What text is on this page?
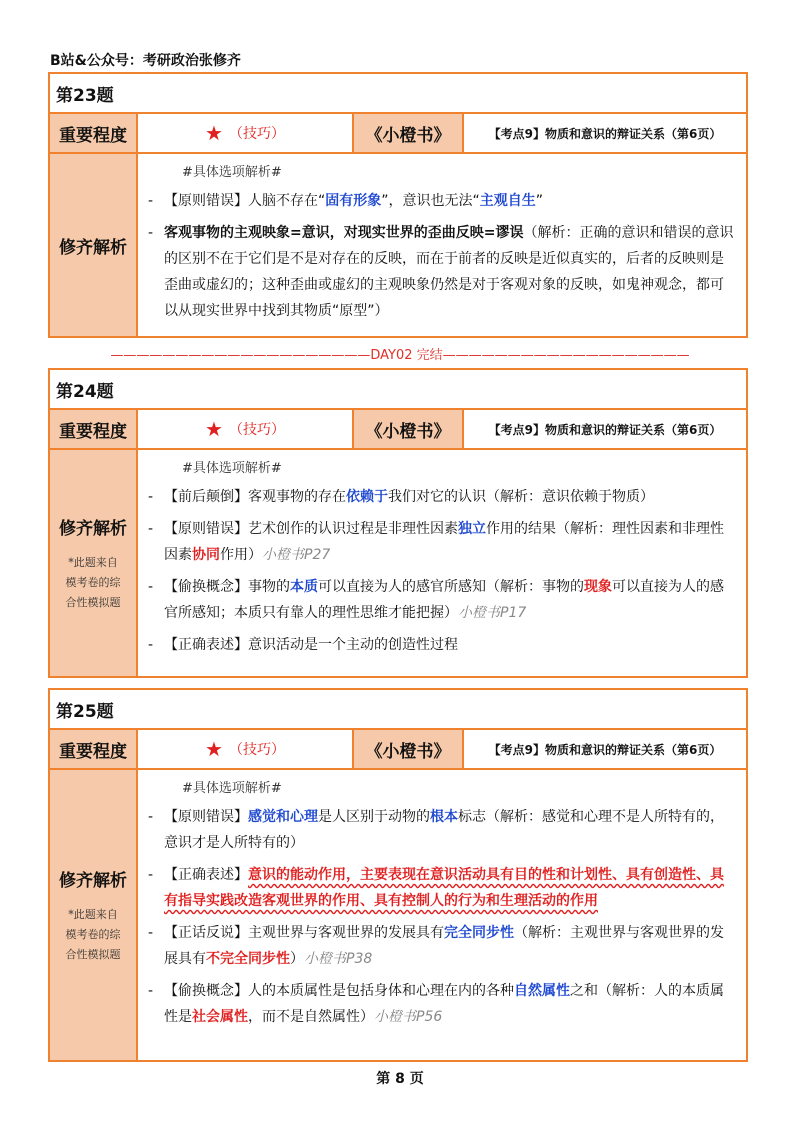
B站&公众号：考研政治张修齐
第23题
重要程度	★ （技巧）	《小橙书》	【考点9】物质和意识的辩证关系（第6页）
修齐解析
#具体选项解析#
- 【原则错误】人脑不存在“固有形象”，意识也无法“主观自生”
- 客观事物的主观映象=意识，对现实世界的歪曲反映=谬误（解析：正确的意识和错误的意识的区别不在于它们是不是对存在的反映，而在于前者的反映是近似真实的，后者的反映则是歪曲或虚幻的；这种歪曲或虚幻的主观映象仍然是对于客观对象的反映，如鬼神观念，都可以从现实世界中找到其物质“原型”）
————————————————————DAY02 完结———————————————————
第24题
重要程度	★ （技巧）	《小橙书》	【考点9】物质和意识的辩证关系（第6页）
修齐解析
*此题来自
模考卷的综
合性模拟题
#具体选项解析#
- 【前后颠倒】客观事物的存在依赖于我们对它的认识（解析：意识依赖于物质）
- 【原则错误】艺术创作的认识过程是非理性因素独立作用的结果（解析：理性因素和非理性因素协同作用）小橙书P27
- 【偷换概念】事物的本质可以直接为人的感官所感知（解析：事物的现象可以直接为人的感官所感知；本质只有靠人的理性思维才能把握）小橙书P17
- 【正确表述】意识活动是一个主动的创造性过程
第25题
重要程度	★ （技巧）	《小橙书》	【考点9】物质和意识的辩证关系（第6页）
修齐解析
*此题来自
模考卷的综
合性模拟题
#具体选项解析#
- 【原则错误】感觉和心理是人区别于动物的根本标志（解析：感觉和心理不是人所特有的，意识才是人所特有的）
- 【正确表述】意识的能动作用，主要表现在意识活动具有目的性和计划性、具有创造性、具有指导实践改造客观世界的作用、具有控制人的行为和生理活动的作用
- 【正话反说】主观世界与客观世界的发展具有完全同步性（解析：主观世界与客观世界的发展具有不完全同步性）小橙书P38
- 【偷换概念】人的本质属性是包括身体和心理在内的各种自然属性之和（解析：人的本质属性是社会属性，而不是自然属性）小橙书P56
第 8 页
